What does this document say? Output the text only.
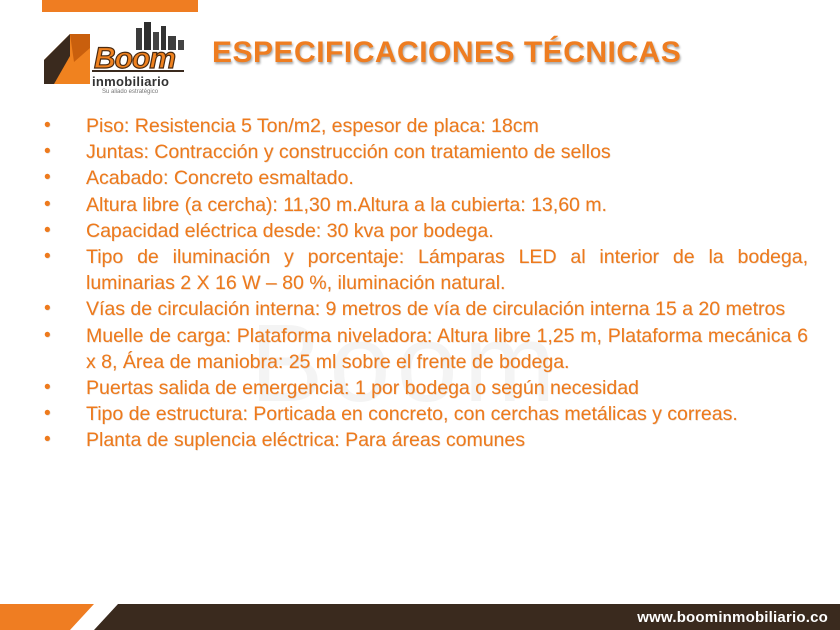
Boom
inmobiliario
Su aliado estratégico
ESPECIFICACIONES TÉCNICAS
•	Piso: Resistencia 5 Ton/m2, espesor de placa: 18cm
•	Juntas: Contracción y construcción con tratamiento de sellos
•	Acabado: Concreto esmaltado.
•	Altura libre (a cercha): 11,30 m.Altura a la cubierta: 13,60 m.
•	Capacidad eléctrica desde: 30 kva por bodega.
•	Tipo de iluminación y porcentaje: Lámparas LED al interior de la bodega, luminarias 2 X 16 W – 80 %, iluminación natural.
•	Vías de circulación interna: 9 metros de vía de circulación interna 15 a 20 metros
•	Muelle de carga: Plataforma niveladora: Altura libre 1,25 m, Plataforma mecánica 6 x 8, Área de maniobra: 25 ml sobre el frente de bodega.
•	Puertas salida de emergencia: 1 por bodega o según necesidad
•	Tipo de estructura: Porticada en concreto, con cerchas metálicas y correas.
•	Planta de suplencia eléctrica: Para áreas comunes
www.boominmobiliario.co
